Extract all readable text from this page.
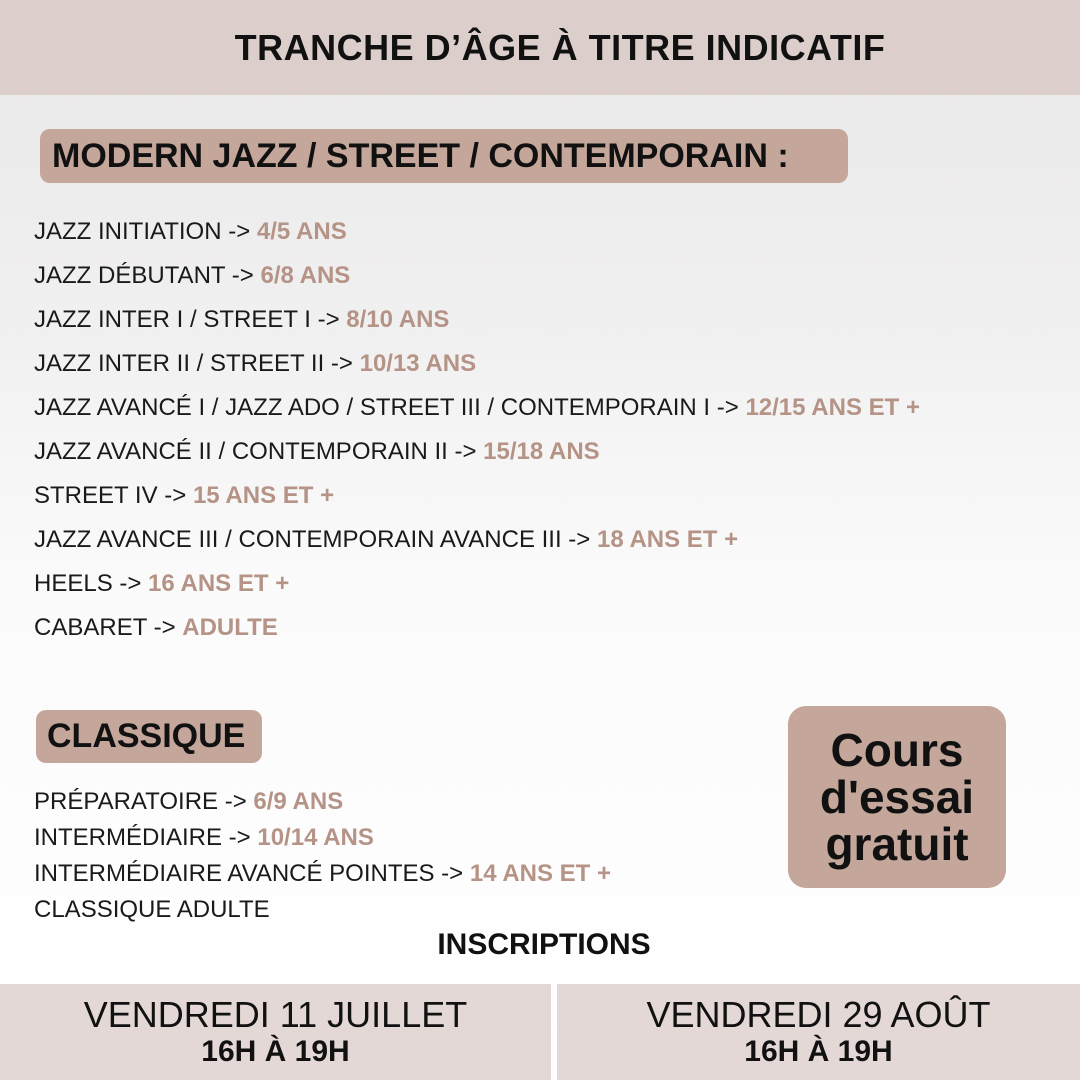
TRANCHE D’ÂGE À TITRE INDICATIF
MODERN JAZZ / STREET / CONTEMPORAIN :
JAZZ INITIATION -> 4/5 ANS
JAZZ DÉBUTANT -> 6/8 ANS
JAZZ INTER I / STREET I -> 8/10 ANS
JAZZ INTER II / STREET II -> 10/13 ANS
JAZZ AVANCÉ I / JAZZ ADO / STREET III / CONTEMPORAIN I -> 12/15 ANS ET +
JAZZ AVANCÉ II / CONTEMPORAIN II -> 15/18 ANS
STREET IV -> 15 ANS ET +
JAZZ AVANCE III / CONTEMPORAIN AVANCE III -> 18 ANS ET +
HEELS -> 16 ANS ET +
CABARET -> ADULTE
CLASSIQUE
PRÉPARATOIRE -> 6/9 ANS
INTERMÉDIAIRE -> 10/14 ANS
INTERMÉDIAIRE AVANCÉ POINTES -> 14 ANS ET +
CLASSIQUE ADULTE
Cours
d'essai
gratuit
INSCRIPTIONS
VENDREDI 11 JUILLET
16H À 19H
VENDREDI 29 AOÛT
16H À 19H
